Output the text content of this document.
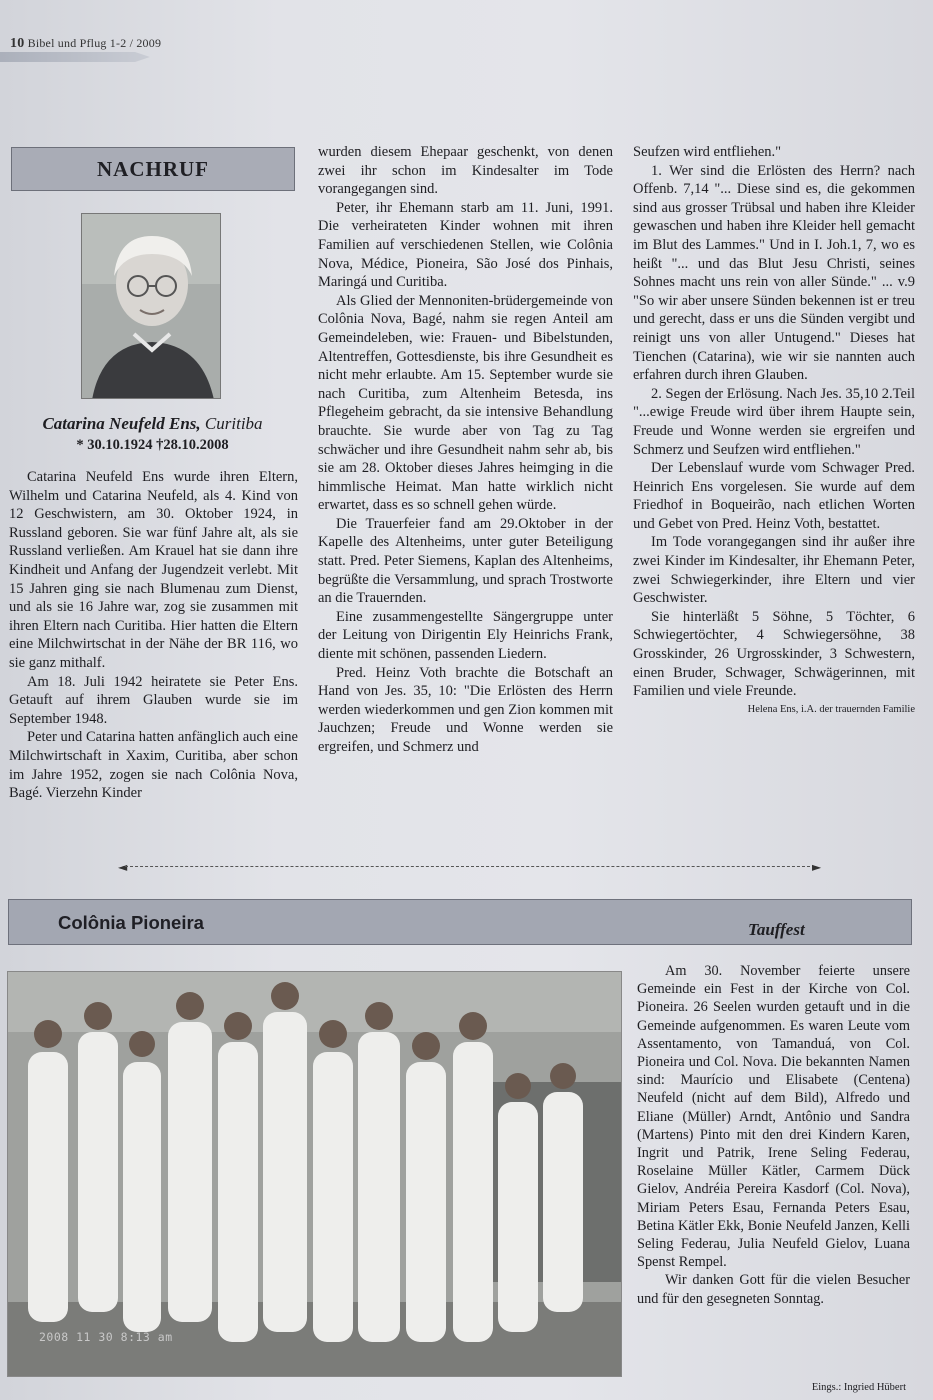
10 Bibel und Pflug 1-2 / 2009
NACHRUF
Catarina Neufeld Ens, Curitiba
* 30.10.1924 †28.10.2008

Catarina Neufeld Ens wurde ihren Eltern, Wilhelm und Catarina Neufeld, als 4. Kind von 12 Geschwistern, am 30. Oktober 1924, in Russland geboren. Sie war fünf Jahre alt, als sie Russland verließen. Am Krauel hat sie dann ihre Kindheit und Anfang der Jugendzeit verlebt. Mit 15 Jahren ging sie nach Blumenau zum Dienst, und als sie 16 Jahre war, zog sie zusammen mit ihren Eltern nach Curitiba. Hier hatten die Eltern eine Milchwirtschat in der Nähe der BR 116, wo sie ganz mithalf.

Am 18. Juli 1942 heiratete sie Peter Ens. Getauft auf ihrem Glauben wurde sie im September 1948.

Peter und Catarina hatten anfänglich auch eine Milchwirtschaft in Xaxim, Curitiba, aber schon im Jahre 1952, zogen sie nach Colônia Nova, Bagé. Vierzehn Kinder

wurden diesem Ehepaar geschenkt, von denen zwei ihr schon im Kindesalter im Tode vorangegangen sind.

Peter, ihr Ehemann starb am 11. Juni, 1991. Die verheirateten Kinder wohnen mit ihren Familien auf verschiedenen Stellen, wie Colônia Nova, Médice, Pioneira, São José dos Pinhais, Maringá und Curitiba.

Als Glied der Mennoniten-brüdergemeinde von Colônia Nova, Bagé, nahm sie regen Anteil am Gemeindeleben, wie: Frauen- und Bibelstunden, Altentreffen, Gottesdienste, bis ihre Gesundheit es nicht mehr erlaubte. Am 15. September wurde sie nach Curitiba, zum Altenheim Betesda, ins Pflegeheim gebracht, da sie intensive Behandlung brauchte. Sie wurde aber von Tag zu Tag schwächer und ihre Gesundheit nahm sehr ab, bis sie am 28. Oktober dieses Jahres heimging in die himmlische Heimat. Man hatte wirklich nicht erwartet, dass es so schnell gehen würde.

Die Trauerfeier fand am 29.Oktober in der Kapelle des Altenheims, unter guter Beteiligung statt. Pred. Peter Siemens, Kaplan des Altenheims, begrüßte die Versammlung, und sprach Trostworte an die Trauernden.

Eine zusammengestellte Sängergruppe unter der Leitung von Dirigentin Ely Heinrichs Frank, diente mit schönen, passenden Liedern.

Pred. Heinz Voth brachte die Botschaft an Hand von Jes. 35, 10: "Die Erlösten des Herrn werden wiederkommen und gen Zion kommen mit Jauchzen; Freude und Wonne werden sie ergreifen, und Schmerz und

Seufzen wird entfliehen."

1. Wer sind die Erlösten des Herrn? nach Offenb. 7,14 "... Diese sind es, die gekommen sind aus grosser Trübsal und haben ihre Kleider gewaschen und haben ihre Kleider hell gemacht im Blut des Lammes." Und in I. Joh.1, 7, wo es heißt "... und das Blut Jesu Christi, seines Sohnes macht uns rein von aller Sünde." ... v.9 "So wir aber unsere Sünden bekennen ist er treu und gerecht, dass er uns die Sünden vergibt und reinigt uns von aller Untugend." Dieses hat Tienchen (Catarina), wie wir sie nannten auch erfahren durch ihren Glauben.

2. Segen der Erlösung. Nach Jes. 35,10 2.Teil "...ewige Freude wird über ihrem Haupte sein, Freude und Wonne werden sie ergreifen und Schmerz und Seufzen wird entfliehen."

Der Lebenslauf wurde vom Schwager Pred. Heinrich Ens vorgelesen. Sie wurde auf dem Friedhof in Boqueirão, nach etlichen Worten und Gebet von Pred. Heinz Voth, bestattet.

Im Tode vorangegangen sind ihr außer ihre zwei Kinder im Kindesalter, ihr Ehemann Peter, zwei Schwiegerkinder, ihre Eltern und vier Geschwister.

Sie hinterläßt 5 Söhne, 5 Töchter, 6 Schwiegertöchter, 4 Schwiegersöhne, 38 Grosskinder, 26 Urgrosskinder, 3 Schwestern, einen Bruder, Schwager, Schwägerinnen, mit Familien und viele Freunde.

Helena Ens, i.A. der trauernden Familie

◄	►
Colônia Pioneira	Tauffest
2008 11 30 8:13 am

Am 30. November feierte unsere Gemeinde ein Fest in der Kirche von Col. Pioneira. 26 Seelen wurden getauft und in die Gemeinde aufgenommen. Es waren Leute vom Assentamento, von Tamanduá, von Col. Pioneira und Col. Nova. Die bekannten Namen sind: Maurício und Elisabete (Centena) Neufeld (nicht auf dem Bild), Alfredo und Eliane (Müller) Arndt, Antônio und Sandra (Martens) Pinto mit den drei Kindern Karen, Ingrit und Patrik, Irene Seling Federau, Roselaine Müller Kätler, Carmem Dück Gielov, Andréia Pereira Kasdorf (Col. Nova), Miriam Peters Esau, Fernanda Peters Esau, Betina Kätler Ekk, Bonie Neufeld Janzen, Kelli Seling Federau, Julia Neufeld Gielov, Luana Spenst Rempel.

Wir danken Gott für die vielen Besucher und für den gesegneten Sonntag.

Eings.: Ingried Hübert
